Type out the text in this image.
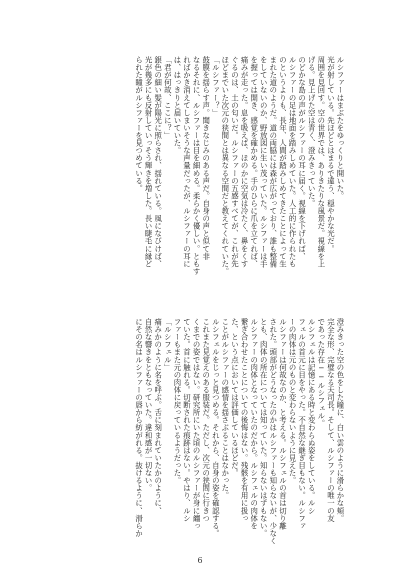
ルシファーはまぶたをゆっくりと開いた。
光が射している。先ほどとはまるで違う、穏やかな光だ。
周囲を見回す。空の世界では、ありきたりな風景だ。視線を上
げる。見上げた空は青く、澄みきっていた。
のどかな島の声がルシファーの耳に届く。視線を下げれば、
ルシファーの足は地面を踏みしめていた。人工的に作られたも
のというよりも、長年、人間が踏みしめてきたことによって生
まれた道のようだ。道の両脇には森が広がっており、誰も整備
をしていないのか、野放図に生い茂っていた。ルシファーは手
を握っては開き、感覚を確かめる。手のひらに爪を立てれば、
痛みが走った。息を吸えば、ほのかに空気は冷たく、鼻をくす
ぐるのは、土の匂いだ。ルシファーの五感すべてが、これが先
ほどまでいた次元の狭間とは異なる空間だと教えてくれていた。
「ルシファー？」
鼓膜を揺らす声。聞きなじみのある声だ。自身の声と似て非
なるそれに、ルシファーは目を細める。柔らかく優しい。ともす
ればかき消えてしまいそうな声量だったが、ルシファーの耳に
は、はっきりと届いていた。
「君が何故、ここに？」
銀色の細い髪が陽光に照らされ、揺れている。風になびけば、
光が幾多にも反射していっそう輝きを増した。長い睫毛に縁ど
られた瞳がルシファーを見つめている。
澄みきった空の色をした瞳に、白い雲のように滑らかな頬。
完全な形、完璧なる天司長。そして、ルシファーの唯一の友
であった存在──ルシフェル。
ルシフェルは記憶にある時と変わらぬ姿をしている。ルシ
フェルの首元に目をやった。不自然な継ぎ目もない。ルシファ
ーの肉体は元のものと変わらないように見えた。
ルシファーは何故なのか、と考える。ルシフェルの首は切り離
された。頭部がどうなったのかはルシファーも知らないが、少なく
とも、肉体の所在については知っていた。知らないはずもない。
ルシファーの肉体となっていたのだから。ルシフェルの肉体を
繋ぎ合わせたことについての後悔はない。残骸を有用に扱っ
た、という点においては評価しているほどだ。
ことがルシファーの感情を揺さぶることはなかった。
ルシフェルをじっと見つめる。それから、自身の姿を確認する。
これまた見覚えのある服装だ。ただし、次元の狭間に行きつ
くまでの姿ではない。研究所にいた頃のルシファーが身に纏っ
ていた。首に触れる。切断された痕跡はない。やはり、ルシ
ファーもまた元の肉体に戻っているようだった。
「ルシフェル」
痛みかのように名を呼ぶ。舌に刻まれていたかのように、
自然な響きをともなっていた。違和感が一切ない。
にその名はルシファーの唇から紡がれる。抜けるように、滑らか
6
